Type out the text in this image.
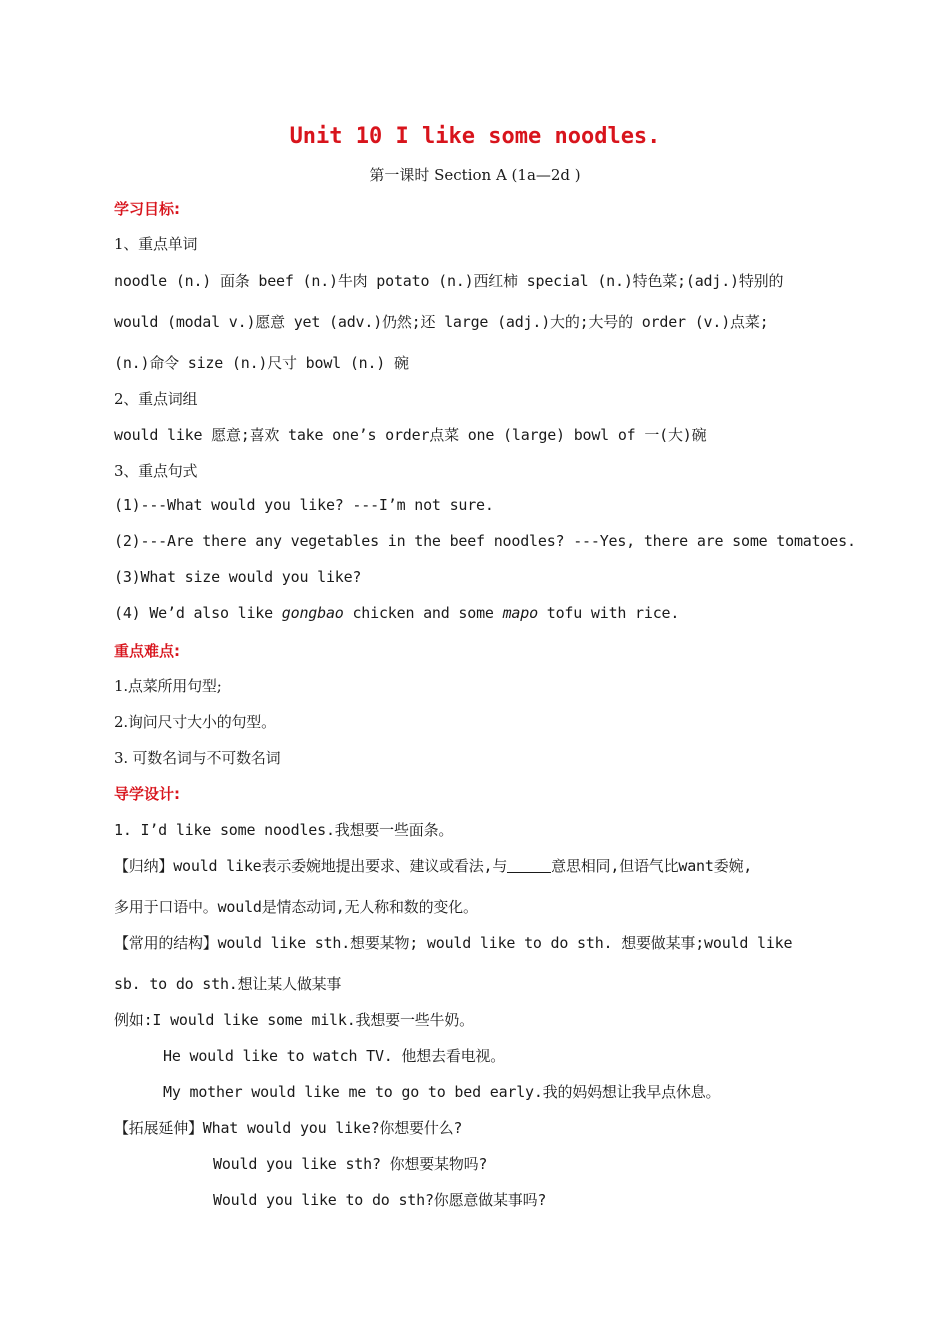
Unit 10 I like some noodles.
第一课时 Section A (1a—2d )
学习目标:
1、重点单词
noodle (n.) 面条 beef (n.)牛肉 potato (n.)西红柿 special (n.)特色菜;(adj.)特别的
would (modal v.)愿意 yet (adv.)仍然;还 large (adj.)大的;大号的 order (v.)点菜;
(n.)命令 size (n.)尺寸 bowl (n.) 碗
2、重点词组
would like 愿意;喜欢 take one’s order点菜 one (large) bowl of 一(大)碗
3、重点句式
(1)---What would you like? ---I’m not sure.
(2)---Are there any vegetables in the beef noodles? ---Yes, there are some tomatoes.
(3)What size would you like?
(4) We’d also like gongbao chicken and some mapo tofu with rice.
重点难点:
1.点菜所用句型;
2.询问尺寸大小的句型。
3. 可数名词与不可数名词
导学设计:
1. I’d like some noodles.我想要一些面条。
【归纳】would like表示委婉地提出要求、建议或看法,与	意思相同,但语气比want委婉,
多用于口语中。would是情态动词,无人称和数的变化。
【常用的结构】would like sth.想要某物; would like to do sth. 想要做某事;would like
sb. to do sth.想让某人做某事
例如:I would like some milk.我想要一些牛奶。
He would like to watch TV. 他想去看电视。
My mother would like me to go to bed early.我的妈妈想让我早点休息。
【拓展延伸】What would you like?你想要什么?
Would you like sth? 你想要某物吗?
Would you like to do sth?你愿意做某事吗?
